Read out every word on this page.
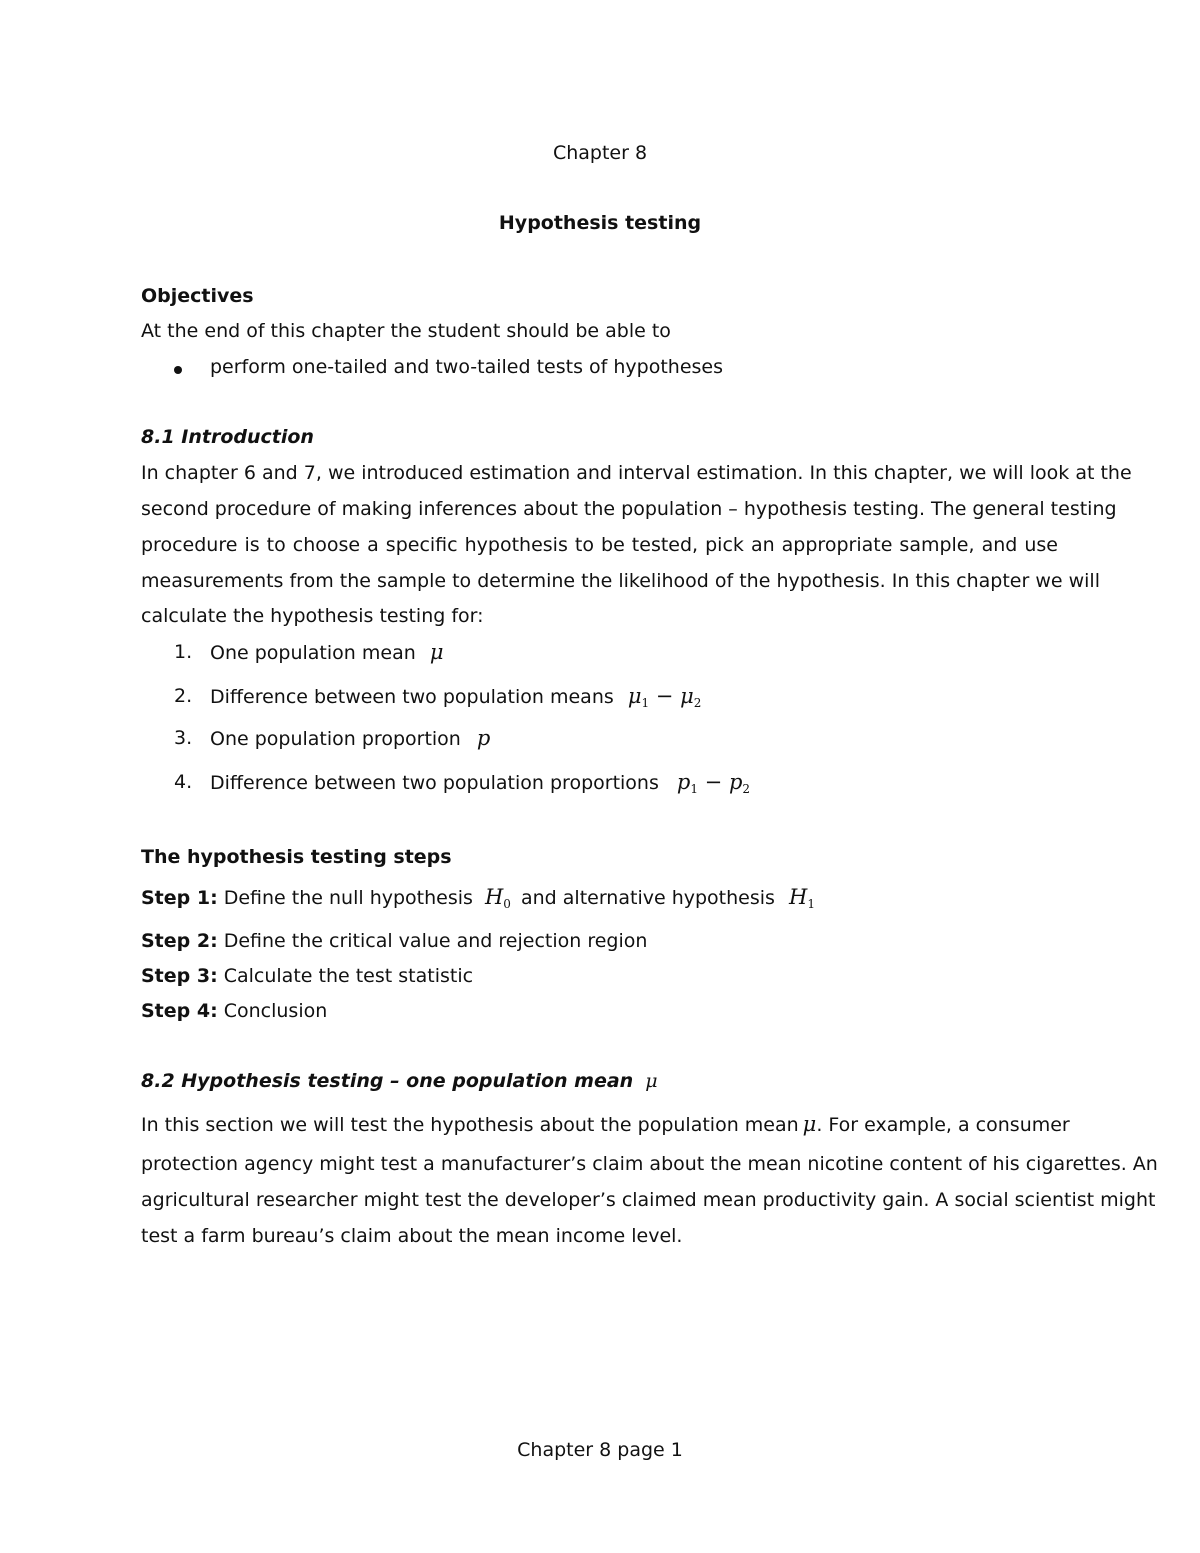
Chapter 8
Hypothesis testing
Objectives
At the end of this chapter the student should be able to
perform one-tailed and two-tailed tests of hypotheses
8.1 Introduction
In chapter 6 and 7, we introduced estimation and interval estimation. In this chapter, we will look at the
second procedure of making inferences about the population – hypothesis testing. The general testing
procedure is to choose a specific hypothesis to be tested, pick an appropriate sample, and use
measurements from the sample to determine the likelihood of the hypothesis. In this chapter we will
calculate the hypothesis testing for:
1. One population mean μ
2. Difference between two population means $\mu_1 - \mu_2$
3. One population proportion p
4. Difference between two population proportions $p_1 - p_2$
The hypothesis testing steps
Step 1: Define the null hypothesis $H_0$ and alternative hypothesis $H_1$
Step 2: Define the critical value and rejection region
Step 3: Calculate the test statistic
Step 4: Conclusion
8.2 Hypothesis testing – one population mean μ
In this section we will test the hypothesis about the population mean μ. For example, a consumer
protection agency might test a manufacturer’s claim about the mean nicotine content of his cigarettes. An
agricultural researcher might test the developer’s claimed mean productivity gain. A social scientist might
test a farm bureau’s claim about the mean income level.
Chapter 8 page 1
